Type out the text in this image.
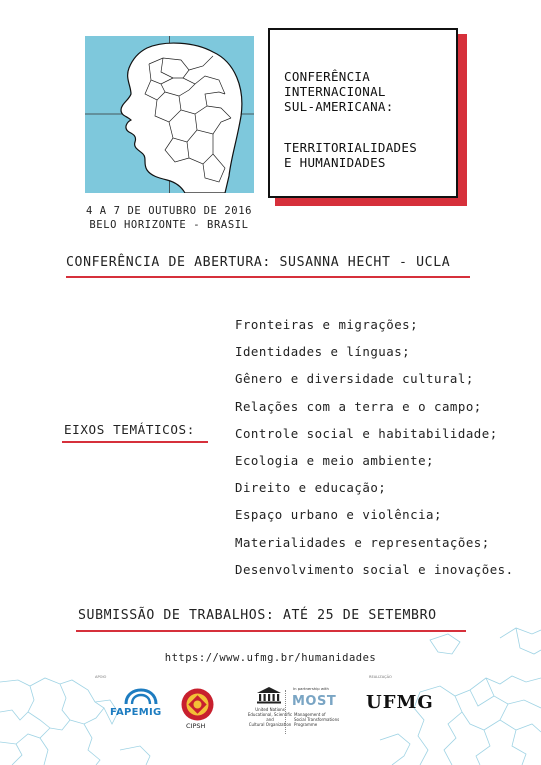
CONFERÊNCIA
INTERNACIONAL
SUL-AMERICANA:
TERRITORIALIDADES
E HUMANIDADES
4 A 7 DE OUTUBRO DE 2016
BELO HORIZONTE - BRASIL
CONFERÊNCIA DE ABERTURA: SUSANNA HECHT - UCLA
EIXOS TEMÁTICOS:
Fronteiras e migrações;
Identidades e línguas;
Gênero e diversidade cultural;
Relações com a terra e o campo;
Controle social e habitabilidade;
Ecologia e meio ambiente;
Direito e educação;
Espaço urbano e violência;
Materialidades e representações;
Desenvolvimento social e inovações.
SUBMISSÃO DE TRABALHOS: ATÉ 25 DE SETEMBRO
https://www.ufmg.br/humanidades
APOIO	REALIZAÇÃO
FAPEMIG
CIPSH
United Nations
Educational, Scientific and
Cultural Organization
In partnership with
MOST
Management of
Social Transformations
Programme
UFMG
